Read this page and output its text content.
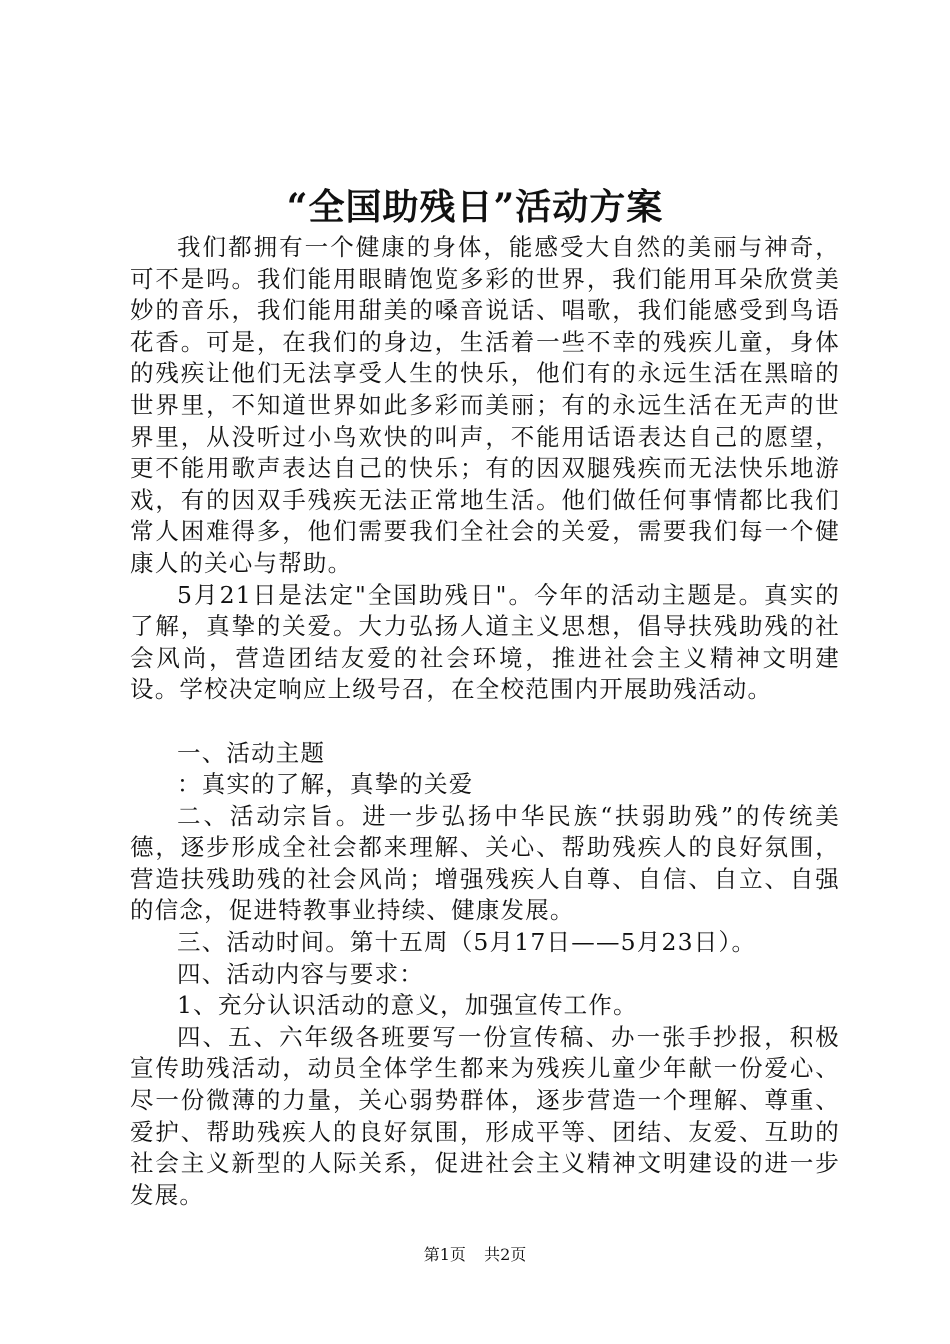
“全国助残日”活动方案

我们都拥有一个健康的身体，能感受大自然的美丽与神奇，可不是吗。我们能用眼睛饱览多彩的世界，我们能用耳朵欣赏美妙的音乐，我们能用甜美的嗓音说话、唱歌，我们能感受到鸟语花香。可是，在我们的身边，生活着一些不幸的残疾儿童，身体的残疾让他们无法享受人生的快乐，他们有的永远生活在黑暗的世界里，不知道世界如此多彩而美丽；有的永远生活在无声的世界里，从没听过小鸟欢快的叫声，不能用话语表达自己的愿望，更不能用歌声表达自己的快乐；有的因双腿残疾而无法快乐地游戏，有的因双手残疾无法正常地生活。他们做任何事情都比我们常人困难得多，他们需要我们全社会的关爱，需要我们每一个健康人的关心与帮助。

5月21日是法定"全国助残日"。今年的活动主题是。真实的了解，真挚的关爱。大力弘扬人道主义思想，倡导扶残助残的社会风尚，营造团结友爱的社会环境，推进社会主义精神文明建设。学校决定响应上级号召，在全校范围内开展助残活动。

一、活动主题

：真实的了解，真挚的关爱

二、活动宗旨。进一步弘扬中华民族“扶弱助残”的传统美德，逐步形成全社会都来理解、关心、帮助残疾人的良好氛围，营造扶残助残的社会风尚；增强残疾人自尊、自信、自立、自强的信念，促进特教事业持续、健康发展。

三、活动时间。第十五周（5月17日——5月23日）。

四、活动内容与要求：

1、充分认识活动的意义，加强宣传工作。

四、五、六年级各班要写一份宣传稿、办一张手抄报，积极宣传助残活动，动员全体学生都来为残疾儿童少年献一份爱心、尽一份微薄的力量，关心弱势群体，逐步营造一个理解、尊重、爱护、帮助残疾人的良好氛围，形成平等、团结、友爱、互助的社会主义新型的人际关系，促进社会主义精神文明建设的进一步发展。

第1页 共2页
